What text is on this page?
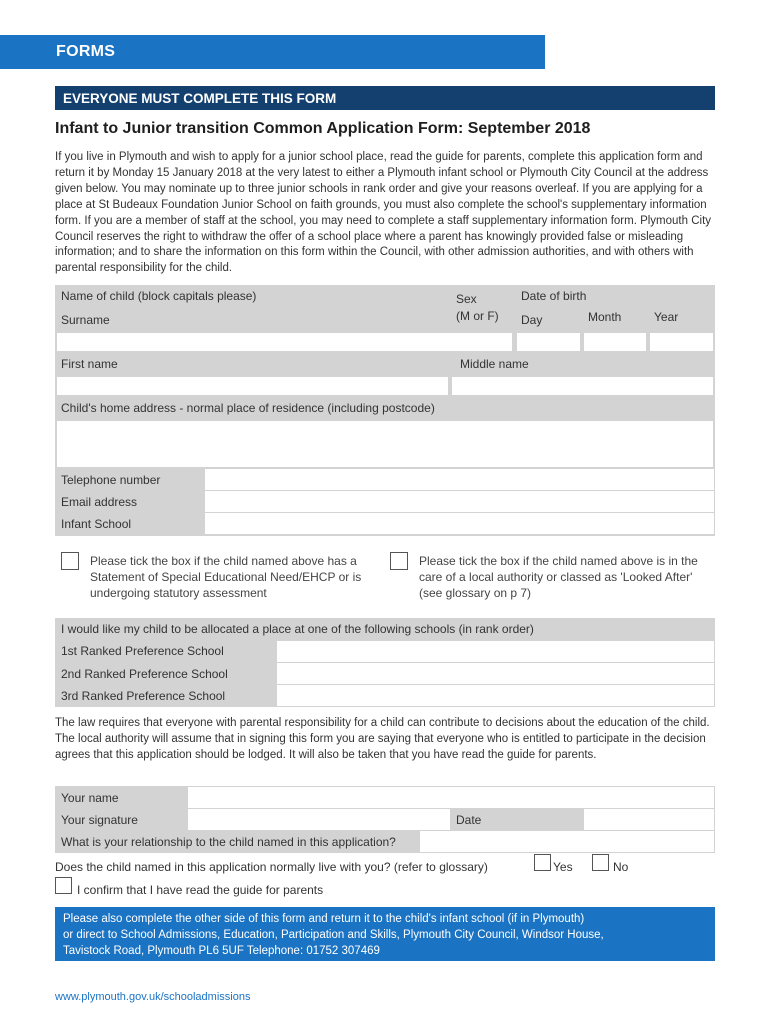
FORMS
EVERYONE MUST COMPLETE THIS FORM
Infant to Junior transition Common Application Form: September 2018
If you live in Plymouth and wish to apply for a junior school place, read the guide for parents, complete this application form and return it by Monday 15 January 2018 at the very latest to either a Plymouth infant school or Plymouth City Council at the address given below. You may nominate up to three junior schools in rank order and give your reasons overleaf. If you are applying for a place at St Budeaux Foundation Junior School on faith grounds, you must also complete the school's supplementary information form. If you are a member of staff at the school, you may need to complete a staff supplementary information form. Plymouth City Council reserves the right to withdraw the offer of a school place where a parent has knowingly provided false or misleading information; and to share the information on this form within the Council, with other admission authorities, and with others with parental responsibility for the child.
Name of child (block capitals please)	Sex
(M or F)
Date of birth
Surname	Day	Month	Year
First name	Middle name
Child's home address - normal place of residence (including postcode)
Telephone number
Email address
Infant School
Please tick the box if the child named above has a Statement of Special Educational Need/EHCP or is undergoing statutory assessment
Please tick the box if the child named above is in the care of a local authority or classed as 'Looked After' (see glossary on p 7)
I would like my child to be allocated a place at one of the following schools (in rank order)
1st Ranked Preference School
2nd Ranked Preference School
3rd Ranked Preference School
The law requires that everyone with parental responsibility for a child can contribute to decisions about the education of the child. The local authority will assume that in signing this form you are saying that everyone who is entitled to participate in the decision agrees that this application should be lodged. It will also be taken that you have read the guide for parents.
Your name
Your signature	Date
What is your relationship to the child named in this application?
Does the child named in this application normally live with you? (refer to glossary)	Yes	No
I confirm that I have read the guide for parents
Please also complete the other side of this form and return it to the child's infant school (if in Plymouth)
or direct to School Admissions, Education, Participation and Skills, Plymouth City Council, Windsor House,
Tavistock Road, Plymouth PL6 5UF Telephone: 01752 307469
www.plymouth.gov.uk/schooladmissions
